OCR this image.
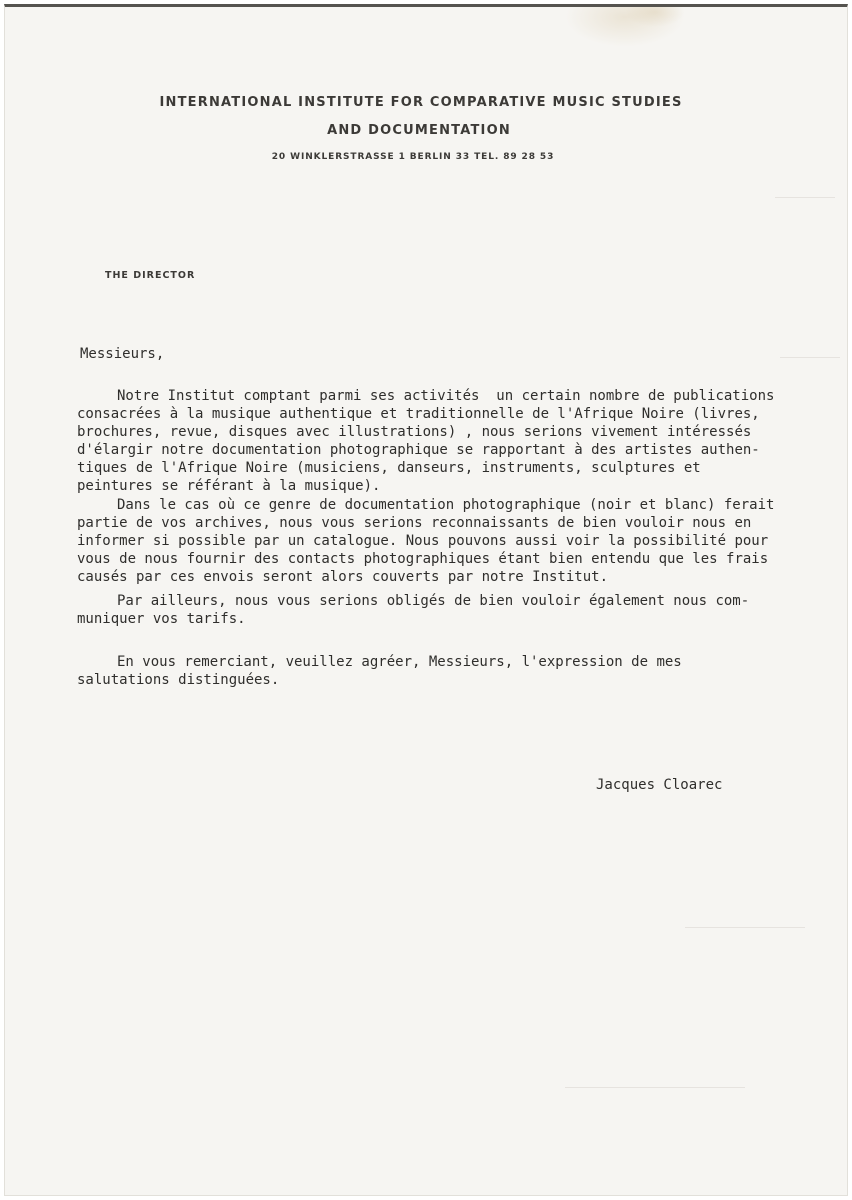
INTERNATIONAL INSTITUTE FOR COMPARATIVE MUSIC STUDIES
AND DOCUMENTATION
20 WINKLERSTRASSE 1 BERLIN 33 TEL. 89 28 53
THE DIRECTOR
Messieurs,
Notre Institut comptant parmi ses activités  un certain nombre de publications
consacrées à la musique authentique et traditionnelle de l'Afrique Noire (livres,
brochures, revue, disques avec illustrations) , nous serions vivement intéressés
d'élargir notre documentation photographique se rapportant à des artistes authen-
tiques de l'Afrique Noire (musiciens, danseurs, instruments, sculptures et
peintures se référant à la musique).
Dans le cas où ce genre de documentation photographique (noir et blanc) ferait
partie de vos archives, nous vous serions reconnaissants de bien vouloir nous en
informer si possible par un catalogue. Nous pouvons aussi voir la possibilité pour
vous de nous fournir des contacts photographiques étant bien entendu que les frais
causés par ces envois seront alors couverts par notre Institut.
Par ailleurs, nous vous serions obligés de bien vouloir également nous com-
muniquer vos tarifs.
En vous remerciant, veuillez agréer, Messieurs, l'expression de mes
salutations distinguées.
Jacques Cloarec
